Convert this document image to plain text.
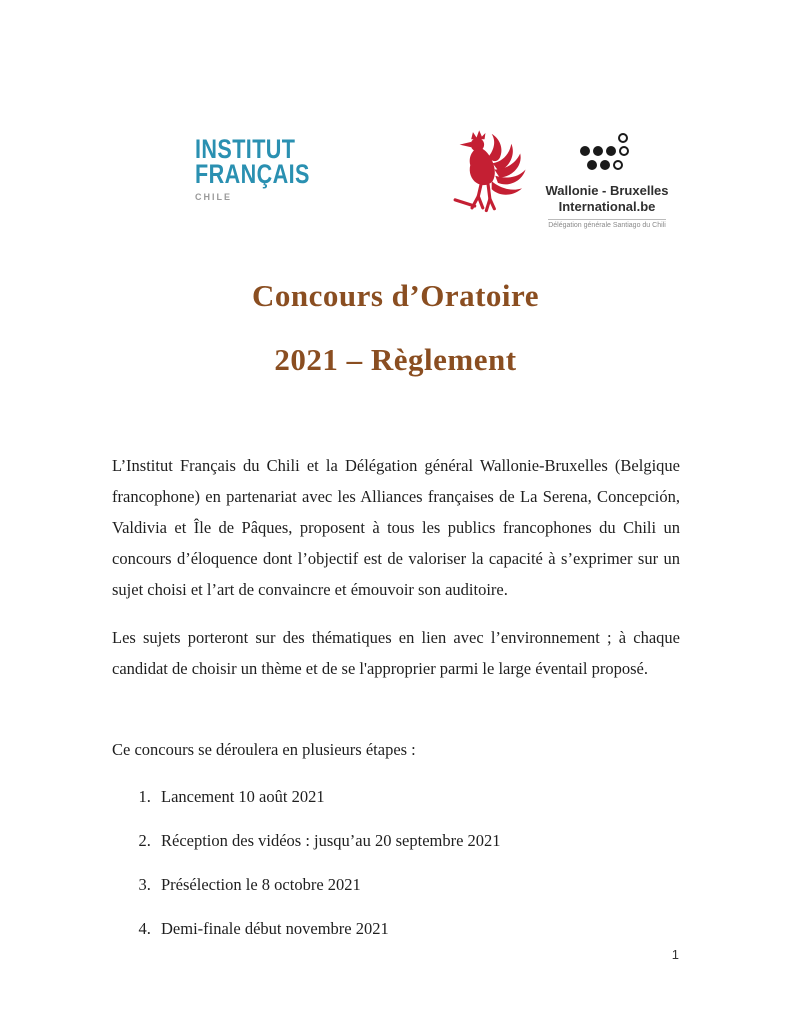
INSTITUT
FRANÇAIS
CHILE	Wallonie - Bruxelles
International.be
Délégation générale Santiago du Chili
Concours d’Oratoire
2021 – Règlement

L’Institut Français du Chili et la Délégation général Wallonie-Bruxelles (Belgique francophone) en partenariat avec les Alliances françaises de La Serena, Concepción, Valdivia et Île de Pâques, proposent à tous les publics francophones du Chili un concours d’éloquence dont l’objectif est de valoriser la capacité à s’exprimer sur un sujet choisi et l’art de convaincre et émouvoir son auditoire.

Les sujets porteront sur des thématiques en lien avec l’environnement ; à chaque candidat de choisir un thème et de se l'approprier parmi le large éventail proposé.

Ce concours se déroulera en plusieurs étapes :

1. Lancement 10 août 2021
2. Réception des vidéos : jusqu’au 20 septembre 2021
3. Présélection le 8 octobre 2021
4. Demi-finale début novembre 2021
1
